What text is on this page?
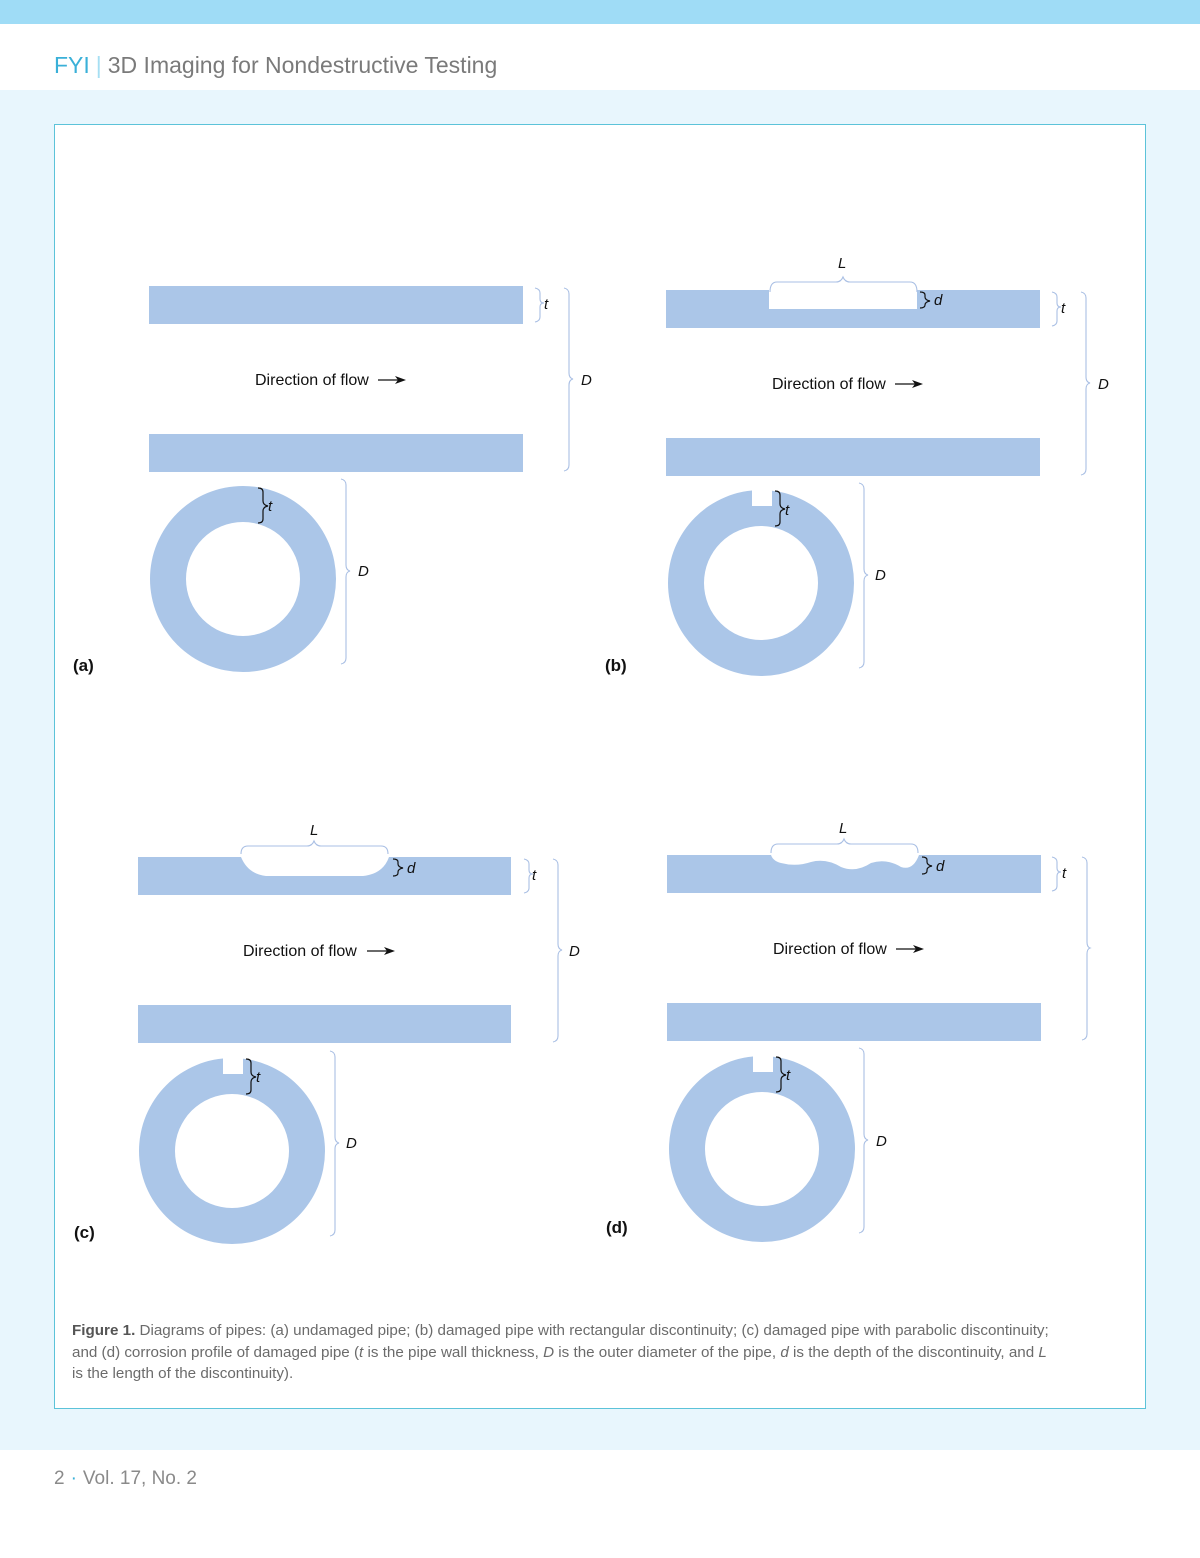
FYI | 3D Imaging for Nondestructive Testing
Direction of flow	Direction of flow
Direction of flow	Direction of flow
t
D
t
D
(a)
L
d	t
D
t
D
(b)
L
d	t
D
t
D
(c)
L
d	t
t
D
(d)
Figure 1. Diagrams of pipes: (a) undamaged pipe; (b) damaged pipe with rectangular discontinuity; (c) damaged pipe with parabolic discontinuity; and (d) corrosion profile of damaged pipe (t is the pipe wall thickness, D is the outer diameter of the pipe, d is the depth of the discontinuity, and L is the length of the discontinuity).
2 · Vol. 17, No. 2
